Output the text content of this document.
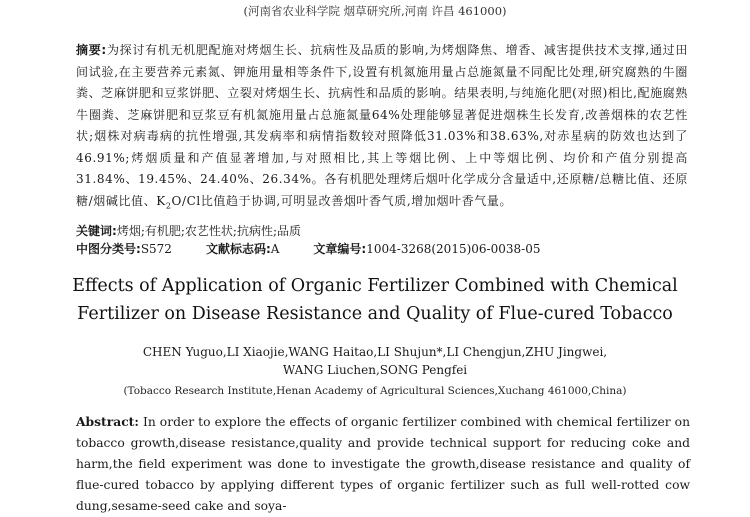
(河南省农业科学院 烟草研究所,河南 许昌 461000)
摘要:为探讨有机无机肥配施对烤烟生长、抗病性及品质的影响,为烤烟降焦、增香、减害提供技术支撑,通过田间试验,在主要营养元素氮、钾施用量相等条件下,设置有机氮施用量占总施氮量不同配比处理,研究腐熟的牛圈粪、芝麻饼肥和豆浆饼肥、立裂对烤烟生长、抗病性和品质的影响。结果表明,与纯施化肥(对照)相比,配施腐熟牛圈粪、芝麻饼肥和豆浆豆有机氮施用量占总施氮量64%处理能够显著促进烟株生长发育,改善烟株的农艺性状;烟株对病毒病的抗性增强,其发病率和病情指数较对照降低31.03%和38.63%,对赤星病的防效也达到了46.91%;烤烟质量和产值显著增加,与对照相比,其上等烟比例、上中等烟比例、均价和产值分别提高31.84%、19.45%、24.40%、26.34%。各有机肥处理烤后烟叶化学成分含量适中,还原糖/总糖比值、还原糖/烟碱比值、$K_2O/Cl$比值趋于协调,可明显改善烟叶香气质,增加烟叶香气量。
关键词:烤烟;有机肥;农艺性状;抗病性;品质
中图分类号:S572	文献标志码:A	文章编号:1004-3268(2015)06-0038-05
Effects of Application of Organic Fertilizer Combined with Chemical
Fertilizer on Disease Resistance and Quality of Flue-cured Tobacco
CHEN Yuguo,LI Xiaojie,WANG Haitao,LI Shujun*,LI Chengjun,ZHU Jingwei,
WANG Liuchen,SONG Pengfei
(Tobacco Research Institute,Henan Academy of Agricultural Sciences,Xuchang 461000,China)
Abstract: In order to explore the effects of organic fertilizer combined with chemical fertilizer on tobacco growth,disease resistance,quality and provide technical support for reducing coke and harm,the field experiment was done to investigate the growth,disease resistance and quality of flue-cured tobacco by applying different types of organic fertilizer such as full well-rotted cow dung,sesame-seed cake and soya-
